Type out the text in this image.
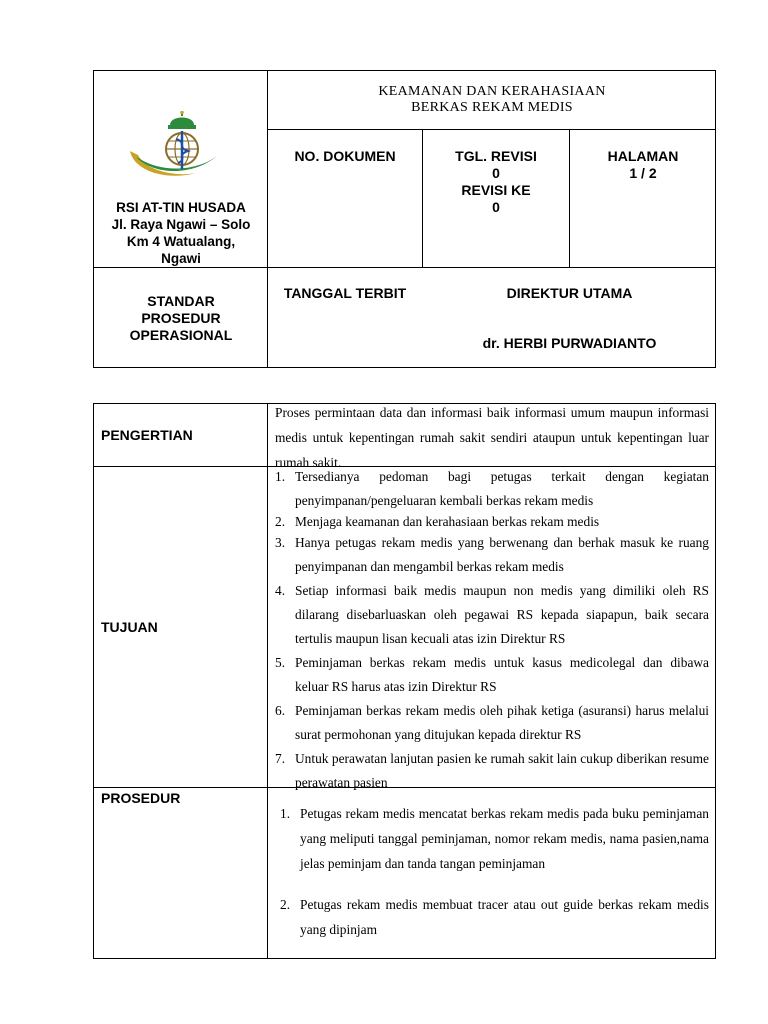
KEAMANAN DAN KERAHASIAAN
BERKAS REKAM MEDIS
RSI AT-TIN HUSADA
Jl. Raya Ngawi – Solo
Km 4 Watualang,
Ngawi
NO. DOKUMEN	TGL. REVISI
0
REVISI KE
0
HALAMAN
1 / 2
STANDAR
PROSEDUR
OPERASIONAL
TANGGAL TERBIT	DIREKTUR UTAMA
dr. HERBI PURWADIANTO
PENGERTIAN
Proses permintaan data dan informasi baik informasi umum maupun informasi medis untuk kepentingan rumah sakit sendiri ataupun untuk kepentingan luar rumah sakit.
TUJUAN
1. Tersedianya pedoman bagi petugas terkait dengan kegiatan penyimpanan/pengeluaran kembali berkas rekam medis
2. Menjaga keamanan dan kerahasiaan berkas rekam medis
3. Hanya petugas rekam medis yang berwenang dan berhak masuk ke ruang penyimpanan dan mengambil berkas rekam medis
4. Setiap informasi baik medis maupun non medis yang dimiliki oleh RS dilarang disebarluaskan oleh pegawai RS kepada siapapun, baik secara tertulis maupun lisan kecuali atas izin Direktur RS
5. Peminjaman berkas rekam medis untuk kasus medicolegal dan dibawa keluar RS harus atas izin Direktur RS
6. Peminjaman berkas rekam medis oleh pihak ketiga (asuransi) harus melalui surat permohonan yang ditujukan kepada direktur RS
7. Untuk perawatan lanjutan pasien ke rumah sakit lain cukup diberikan resume perawatan pasien
PROSEDUR
1. Petugas rekam medis mencatat berkas rekam medis pada buku peminjaman yang meliputi tanggal peminjaman, nomor rekam medis, nama pasien,nama jelas peminjam dan tanda tangan peminjaman
2. Petugas rekam medis membuat tracer atau out guide berkas rekam medis yang dipinjam
